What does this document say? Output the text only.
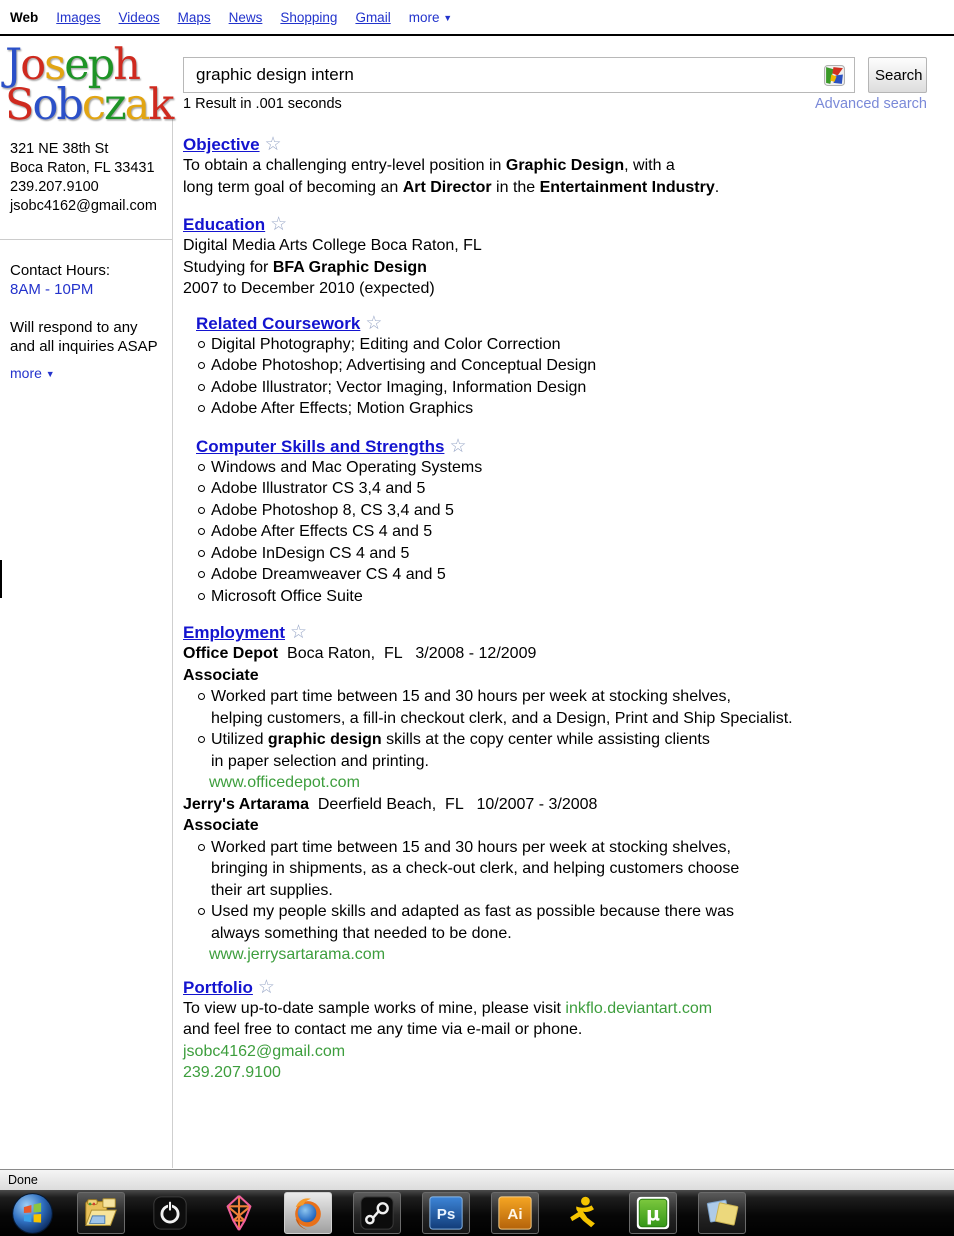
Web Images Videos Maps News Shopping Gmail more ▼
Joseph
Sobczak
321 NE 38th St
Boca Raton, FL 33431
239.207.9100
jsobc4162@gmail.com
Contact Hours:
8AM - 10PM
Will respond to any
and all inquiries ASAP
more ▼
graphic design intern
Search
1 Result in .001 seconds	Advanced search
Objective ☆
To obtain a challenging entry-level position in Graphic Design, with a
long term goal of becoming an Art Director in the Entertainment Industry.
Education ☆
Digital Media Arts College Boca Raton, FL
Studying for BFA Graphic Design
2007 to December 2010 (expected)
Related Coursework ☆
Digital Photography; Editing and Color Correction
Adobe Photoshop; Advertising and Conceptual Design
Adobe Illustrator; Vector Imaging, Information Design
Adobe After Effects; Motion Graphics
Computer Skills and Strengths ☆
Windows and Mac Operating Systems
Adobe Illustrator CS 3,4 and 5
Adobe Photoshop 8, CS 3,4 and 5
Adobe After Effects CS 4 and 5
Adobe InDesign CS 4 and 5
Adobe Dreamweaver CS 4 and 5
Microsoft Office Suite
Employment ☆
Office Depot  Boca Raton,  FL   3/2008 - 12/2009
Associate
Worked part time between 15 and 30 hours per week at stocking shelves,
helping customers, a fill-in checkout clerk, and a Design, Print and Ship Specialist.
Utilized graphic design skills at the copy center while assisting clients
in paper selection and printing.
www.officedepot.com
Jerry's Artarama  Deerfield Beach,  FL   10/2007 - 3/2008
Associate
Worked part time between 15 and 30 hours per week at stocking shelves,
bringing in shipments, as a check-out clerk, and helping customers choose
their art supplies.
Used my people skills and adapted as fast as possible because there was
always something that needed to be done.
www.jerrysartarama.com
Portfolio ☆
To view up-to-date sample works of mine, please visit inkflo.deviantart.com
and feel free to contact me any time via e-mail or phone.
jsobc4162@gmail.com
239.207.9100
Done
Ps	Ai	µ
